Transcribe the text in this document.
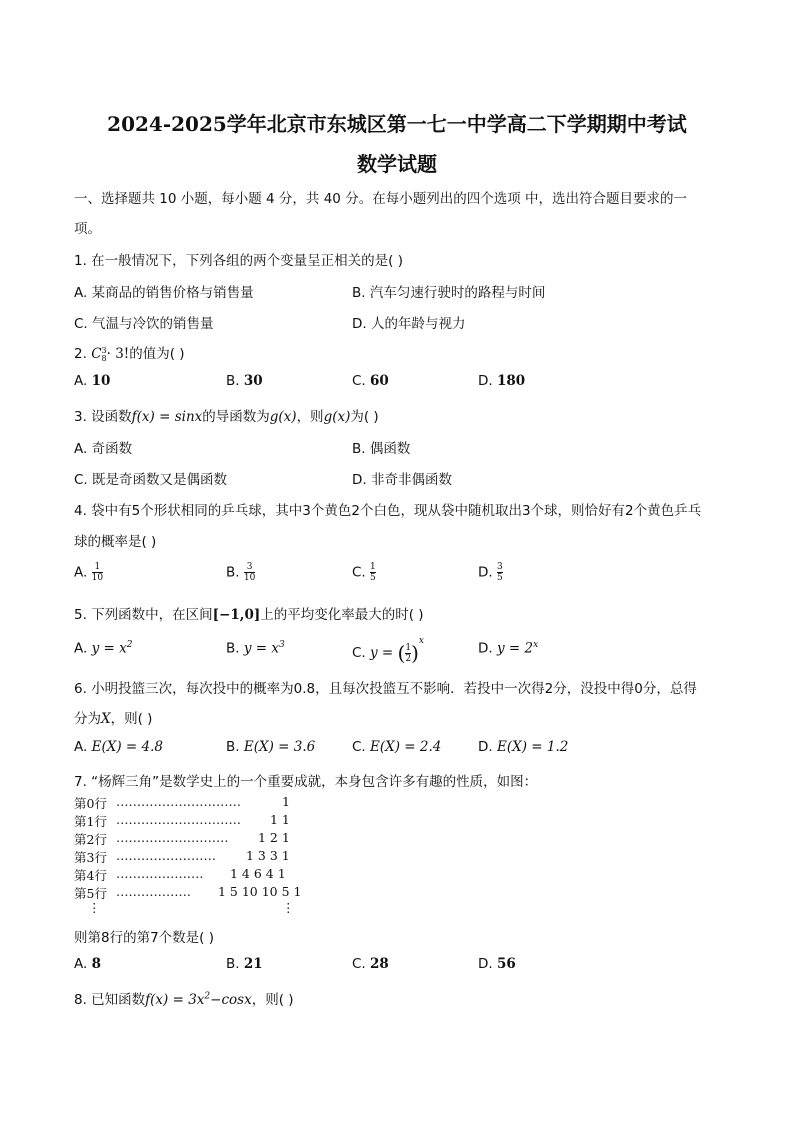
2024-2025学年北京市东城区第一七一中学高二下学期期中考试
数学试题
一、选择题共 10 小题，每小题 4 分，共 40 分。在每小题列出的四个选项 中，选出符合题目要求的一
项。
1. 在一般情况下，下列各组的两个变量呈正相关的是( )
A. 某商品的销售价格与销售量	B. 汽车匀速行驶时的路程与时间
C. 气温与冷饮的销售量	D. 人的年龄与视力
2. C 3
8 · 3!的值为( )
A. 10	B. 30	C. 60	D. 180
3. 设函数f(x) = sinx的导函数为g(x)，则g(x)为( )
A. 奇函数	B. 偶函数
C. 既是奇函数又是偶函数	D. 非奇非偶函数
4. 袋中有5个形状相同的乒乓球，其中3个黄色2个白色，现从袋中随机取出3个球，则恰好有2个黄色乒乓
球的概率是( )
A. $\frac{1}{10}$	B. $\frac{3}{10}$	C. $\frac{1}{5}$	D. $\frac{3}{5}$
5. 下列函数中，在区间[−1,0]上的平均变化率最大的时( )
A. $y = x^2$	B. $y = x^3$	C. y = ( $\frac{1}{2} )^x$	D. $y = 2^x$
6. 小明投篮三次，每次投中的概率为0.8，且每次投篮互不影响．若投中一次得2分，没投中得0分，总得
分为X，则( )
A. E(X) = 4.8	B. E(X) = 3.6	C. E(X) = 2.4	D. E(X) = 1.2
7. “杨辉三角”是数学史上的一个重要成就，本身包含许多有趣的性质，如图：
第0行 …………………………	1
第1行 ………………………… 1 1
第2行 ……………………… 1 2 1
第3行 …………………… 1 3 3 1
第4行 ………………… 1 4 6 4 1
第5行 ……………… 1 5 10 10 5 1
⋮	⋮
则第8行的第7个数是( )
A. 8	B. 21	C. 28	D. 56
8. 已知函数$f(x) = 3x^2-\cos x$，则( )
